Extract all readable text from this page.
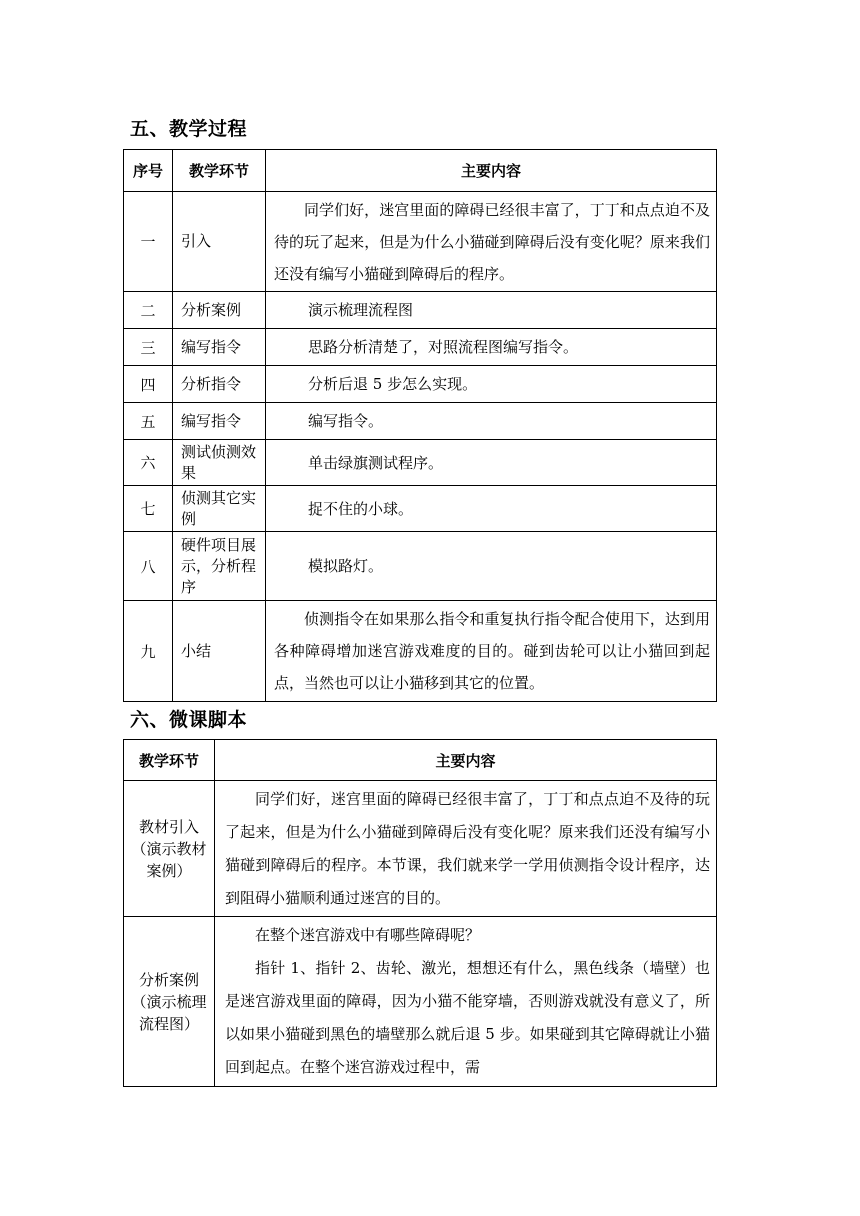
五、教学过程
序号	教学环节	主要内容
一	引入	同学们好，迷宫里面的障碍已经很丰富了，丁丁和点点迫不及待的玩了起来，但是为什么小猫碰到障碍后没有变化呢？原来我们还没有编写小猫碰到障碍后的程序。
二	分析案例	演示梳理流程图
三	编写指令	思路分析清楚了，对照流程图编写指令。
四	分析指令	分析后退 5 步怎么实现。
五	编写指令	编写指令。
六	测试侦测效果	单击绿旗测试程序。
七	侦测其它实例	捉不住的小球。
八	硬件项目展示，分析程序	模拟路灯。
九	小结	侦测指令在如果那么指令和重复执行指令配合使用下，达到用各种障碍增加迷宫游戏难度的目的。碰到齿轮可以让小猫回到起点，当然也可以让小猫移到其它的位置。
六、微课脚本
教学环节	主要内容
教材引入（演示教材案例）	同学们好，迷宫里面的障碍已经很丰富了，丁丁和点点迫不及待的玩了起来，但是为什么小猫碰到障碍后没有变化呢？原来我们还没有编写小猫碰到障碍后的程序。本节课，我们就来学一学用侦测指令设计程序，达到阻碍小猫顺利通过迷宫的目的。

分析案例（演示梳理流程图）	在整个迷宫游戏中有哪些障碍呢？

指针 1、指针 2、齿轮、激光，想想还有什么，黑色线条（墙壁）也是迷宫游戏里面的障碍，因为小猫不能穿墙，否则游戏就没有意义了，所以如果小猫碰到黑色的墙壁那么就后退 5 步。如果碰到其它障碍就让小猫回到起点。在整个迷宫游戏过程中，需
